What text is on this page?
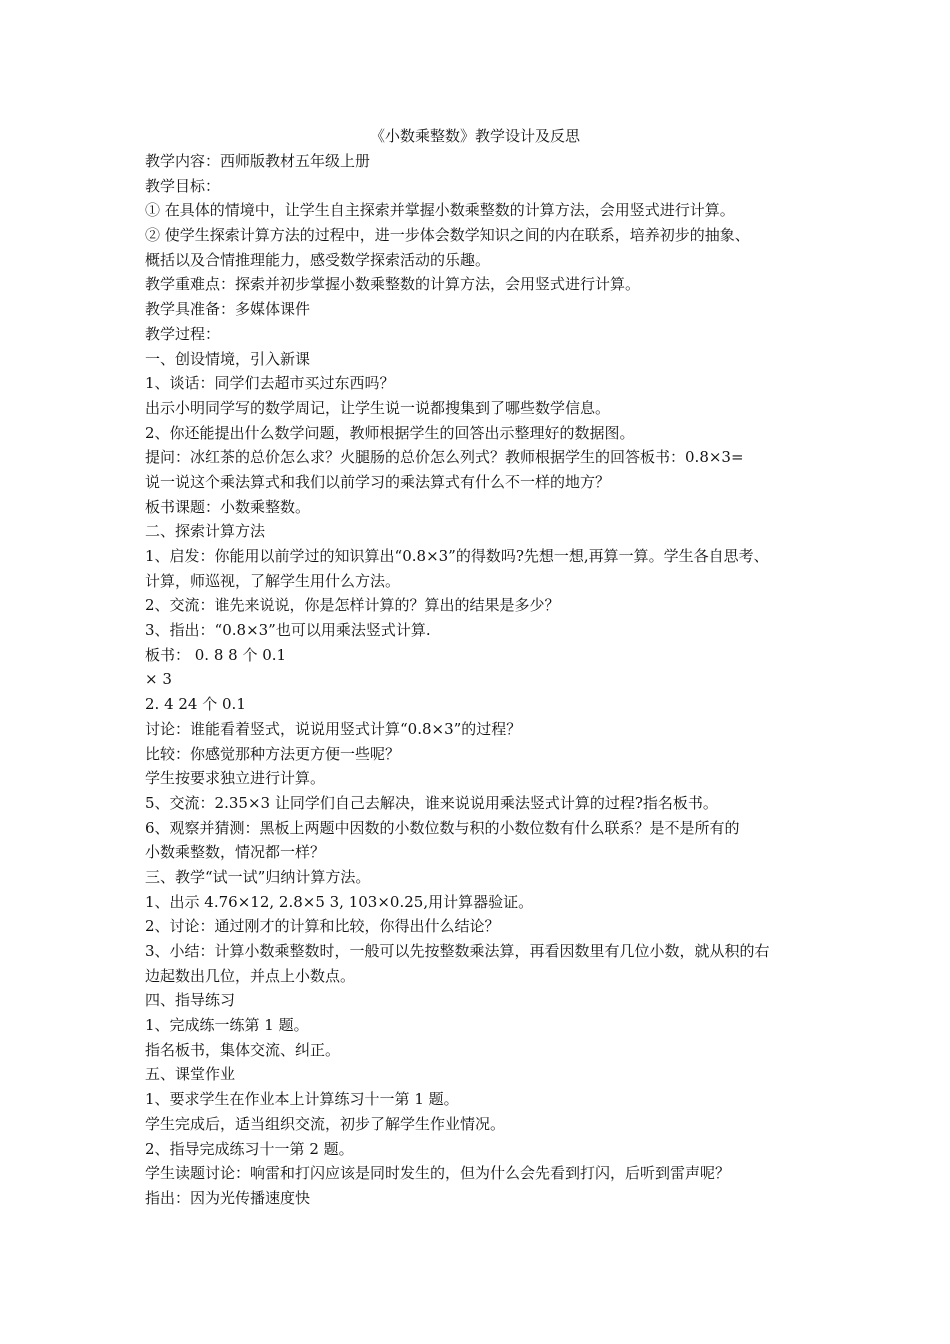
《小数乘整数》教学设计及反思
教学内容：西师版教材五年级上册
教学目标：
① 在具体的情境中，让学生自主探索并掌握小数乘整数的计算方法，会用竖式进行计算。
② 使学生探索计算方法的过程中，进一步体会数学知识之间的内在联系，培养初步的抽象、
概括以及合情推理能力，感受数学探索活动的乐趣。
教学重难点：探索并初步掌握小数乘整数的计算方法，会用竖式进行计算。
教学具准备：多媒体课件
教学过程：
一、创设情境，引入新课
1、谈话：同学们去超市买过东西吗？
出示小明同学写的数学周记，让学生说一说都搜集到了哪些数学信息。
2、你还能提出什么数学问题，教师根据学生的回答出示整理好的数据图。
提问：冰红茶的总价怎么求？火腿肠的总价怎么列式？教师根据学生的回答板书：0.8×3=
说一说这个乘法算式和我们以前学习的乘法算式有什么不一样的地方？
板书课题：小数乘整数。
二、探索计算方法
1、启发：你能用以前学过的知识算出“0.8×3”的得数吗?先想一想,再算一算。学生各自思考、
计算，师巡视，了解学生用什么方法。
2、交流：谁先来说说，你是怎样计算的？算出的结果是多少？
3、指出：“0.8×3”也可以用乘法竖式计算.
板书： 0. 8 8 个 0.1
× 3
2. 4 24 个 0.1
讨论：谁能看着竖式，说说用竖式计算“0.8×3”的过程？
比较：你感觉那种方法更方便一些呢？
学生按要求独立进行计算。
5、交流：2.35×3 让同学们自己去解决，谁来说说用乘法竖式计算的过程?指名板书。
6、观察并猜测：黑板上两题中因数的小数位数与积的小数位数有什么联系？是不是所有的
小数乘整数，情况都一样？
三、教学“试一试”归纳计算方法。
1、出示 4.76×12, 2.8×5 3, 103×0.25,用计算器验证。
2、讨论：通过刚才的计算和比较，你得出什么结论？
3、小结：计算小数乘整数时，一般可以先按整数乘法算，再看因数里有几位小数，就从积的右
边起数出几位，并点上小数点。
四、指导练习
1、完成练一练第 1 题。
指名板书，集体交流、纠正。
五、课堂作业
1、要求学生在作业本上计算练习十一第 1 题。
学生完成后，适当组织交流，初步了解学生作业情况。
2、指导完成练习十一第 2 题。
学生读题讨论：响雷和打闪应该是同时发生的，但为什么会先看到打闪，后听到雷声呢？
指出：因为光传播速度快
